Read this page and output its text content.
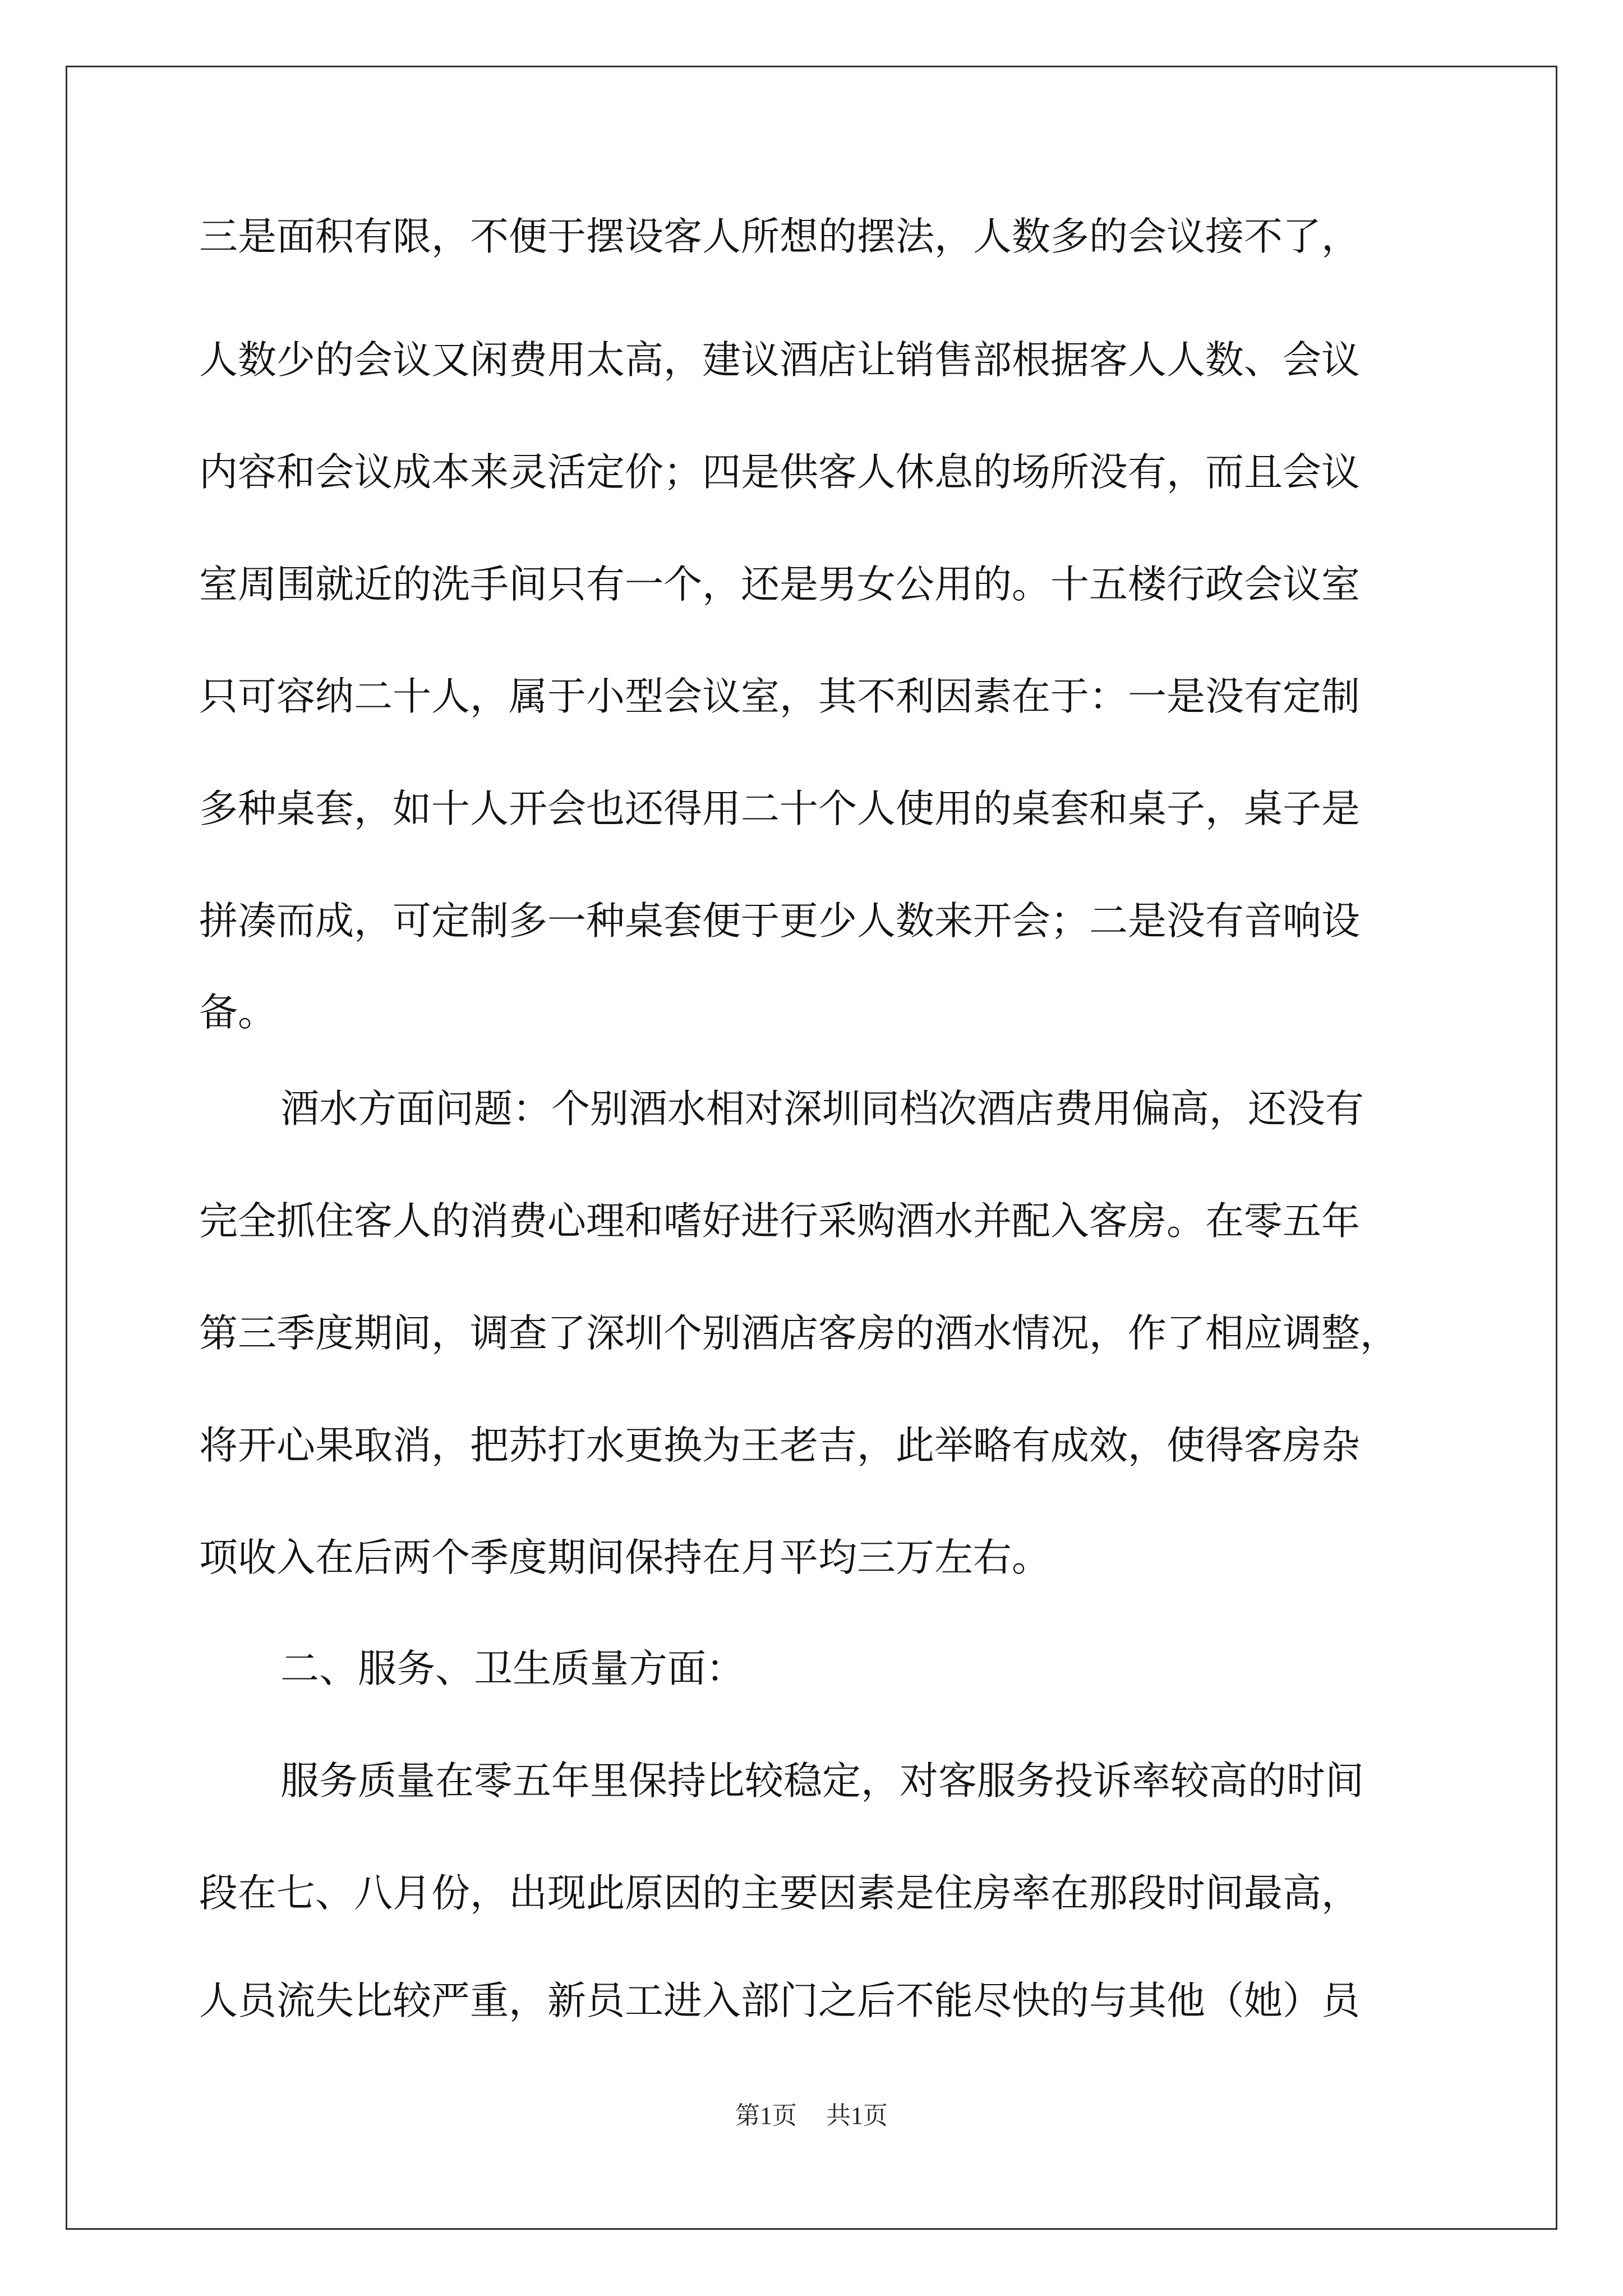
三是面积有限，不便于摆设客人所想的摆法，人数多的会议接不了，
人数少的会议又闲费用太高，建议酒店让销售部根据客人人数、会议
内容和会议成本来灵活定价；四是供客人休息的场所没有，而且会议
室周围就近的洗手间只有一个，还是男女公用的。十五楼行政会议室
只可容纳二十人，属于小型会议室，其不利因素在于：一是没有定制
多种桌套，如十人开会也还得用二十个人使用的桌套和桌子，桌子是
拼凑而成，可定制多一种桌套便于更少人数来开会；二是没有音响设
备。
酒水方面问题：个别酒水相对深圳同档次酒店费用偏高，还没有
完全抓住客人的消费心理和嗜好进行采购酒水并配入客房。在零五年
第三季度期间，调查了深圳个别酒店客房的酒水情况，作了相应调整，
将开心果取消，把苏打水更换为王老吉，此举略有成效，使得客房杂
项收入在后两个季度期间保持在月平均三万左右。
二、服务、卫生质量方面：
服务质量在零五年里保持比较稳定，对客服务投诉率较高的时间
段在七、八月份，出现此原因的主要因素是住房率在那段时间最高，
人员流失比较严重，新员工进入部门之后不能尽快的与其他（她）员
第1页 共1页
